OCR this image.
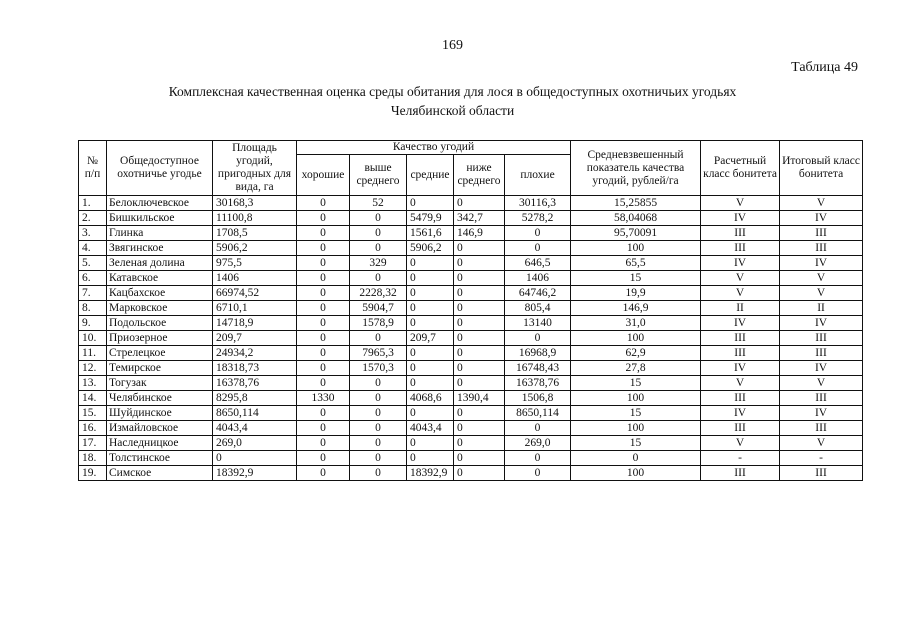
169
Таблица 49
Комплексная качественная оценка среды обитания для лося в общедоступных охотничьих угодьях
Челябинской области
№ п/п	Общедоступное охотничье угодье	Площадь угодий, пригодных для вида, га	Качество угодий					Средневзвешенный показатель качества угодий, рублей/га	Расчетный класс бонитета	Итоговый класс бонитета
			хорошие	выше среднего	средние	ниже среднего	плохие			
1.	Белоключевское	30168,3	0	52	0	0	30116,3	15,25855	V	V
2.	Бишкильское	11100,8	0	0	5479,9	342,7	5278,2	58,04068	IV	IV
3.	Глинка	1708,5	0	0	1561,6	146,9	0	95,70091	III	III
4.	Звягинское	5906,2	0	0	5906,2	0	0	100	III	III
5.	Зеленая долина	975,5	0	329	0	0	646,5	65,5	IV	IV
6.	Катавское	1406	0	0	0	0	1406	15	V	V
7.	Кацбахское	66974,52	0	2228,32	0	0	64746,2	19,9	V	V
8.	Марковское	6710,1	0	5904,7	0	0	805,4	146,9	II	II
9.	Подольское	14718,9	0	1578,9	0	0	13140	31,0	IV	IV
10.	Приозерное	209,7	0	0	209,7	0	0	100	III	III
11.	Стрелецкое	24934,2	0	7965,3	0	0	16968,9	62,9	III	III
12.	Темирское	18318,73	0	1570,3	0	0	16748,43	27,8	IV	IV
13.	Тогузак	16378,76	0	0	0	0	16378,76	15	V	V
14.	Челябинское	8295,8	1330	0	4068,6	1390,4	1506,8	100	III	III
15.	Шуйдинское	8650,114	0	0	0	0	8650,114	15	IV	IV
16.	Измайловское	4043,4	0	0	4043,4	0	0	100	III	III
17.	Наследницкое	269,0	0	0	0	0	269,0	15	V	V
18.	Толстинское	0	0	0	0	0	0	0	-	-
19.	Симское	18392,9	0	0	18392,9	0	0	100	III	III
